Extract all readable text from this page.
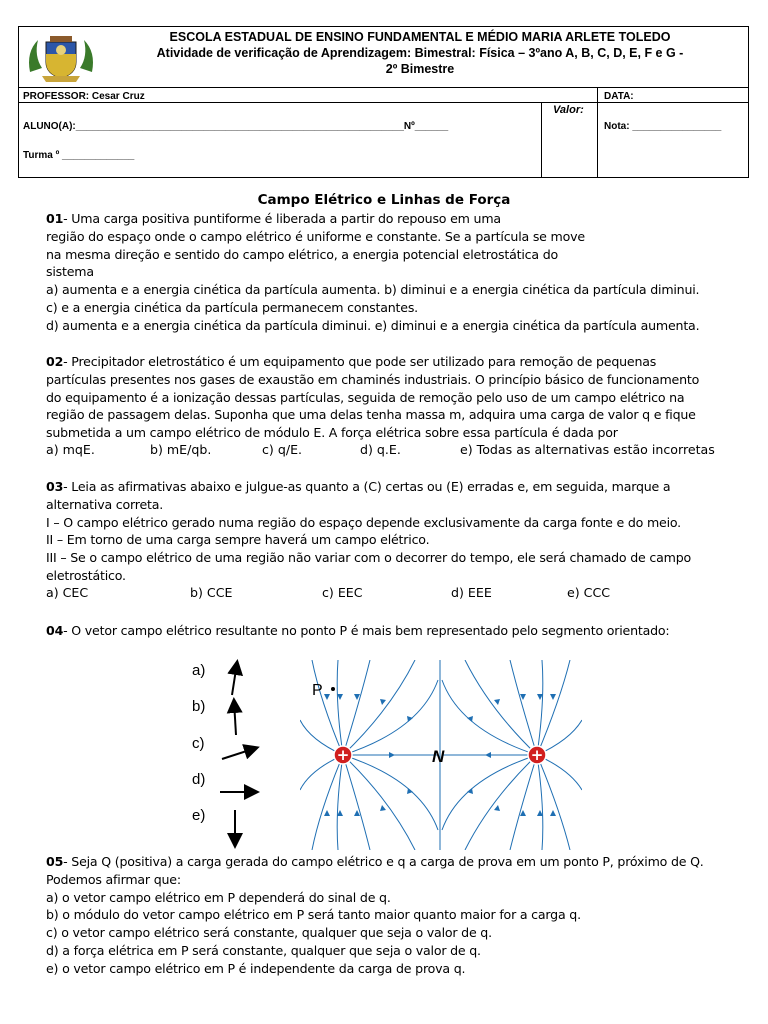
ESCOLA ESTADUAL DE ENSINO FUNDAMENTAL E MÉDIO MARIA ARLETE TOLEDO
Atividade de verificação de Aprendizagem: Bimestral: Física – 3ºano A, B, C, D, E, F e G -
2º Bimestre
PROFESSOR: Cesar Cruz	DATA:
ALUNO(A):___________________________________________________________Nº______
Valor:
Nota: ________________
Turma º _____________
Campo Elétrico e Linhas de Força
01- Uma carga positiva puntiforme é liberada a partir do repouso em uma
região do espaço onde o campo elétrico é uniforme e constante. Se a partícula se move
na mesma direção e sentido do campo elétrico, a energia potencial eletrostática do
sistema
a) aumenta e a energia cinética da partícula aumenta. b) diminui e a energia cinética da partícula diminui.
c) e a energia cinética da partícula permanecem constantes.
d) aumenta e a energia cinética da partícula diminui. e) diminui e a energia cinética da partícula aumenta.
02- Precipitador eletrostático é um equipamento que pode ser utilizado para remoção de pequenas
partículas presentes nos gases de exaustão em chaminés industriais. O princípio básico de funcionamento
do equipamento é a ionização dessas partículas, seguida de remoção pelo uso de um campo elétrico na
região de passagem delas. Suponha que uma delas tenha massa m, adquira uma carga de valor q e fique
submetida a um campo elétrico de módulo E. A força elétrica sobre essa partícula é dada por
a) mqE.	b) mE/qb.	c) q/E.	d) q.E.	e) Todas as alternativas estão incorretas
03- Leia as afirmativas abaixo e julgue-as quanto a (C) certas ou (E) erradas e, em seguida, marque a
alternativa correta.
I – O campo elétrico gerado numa região do espaço depende exclusivamente da carga fonte e do meio.
II – Em torno de uma carga sempre haverá um campo elétrico.
III – Se o campo elétrico de uma região não variar com o decorrer do tempo, ele será chamado de campo
eletrostático.
a) CEC	b) CCE	c) EEC	d) EEE	e) CCC
04- O vetor campo elétrico resultante no ponto P é mais bem representado pelo segmento orientado:
a)
b)
c)
d)
e)
+	+
P
N
05- Seja Q (positiva) a carga gerada do campo elétrico e q a carga de prova em um ponto P, próximo de Q.
Podemos afirmar que:
a) o vetor campo elétrico em P dependerá do sinal de q.
b) o módulo do vetor campo elétrico em P será tanto maior quanto maior for a carga q.
c) o vetor campo elétrico será constante, qualquer que seja o valor de q.
d) a força elétrica em P será constante, qualquer que seja o valor de q.
e) o vetor campo elétrico em P é independente da carga de prova q.
